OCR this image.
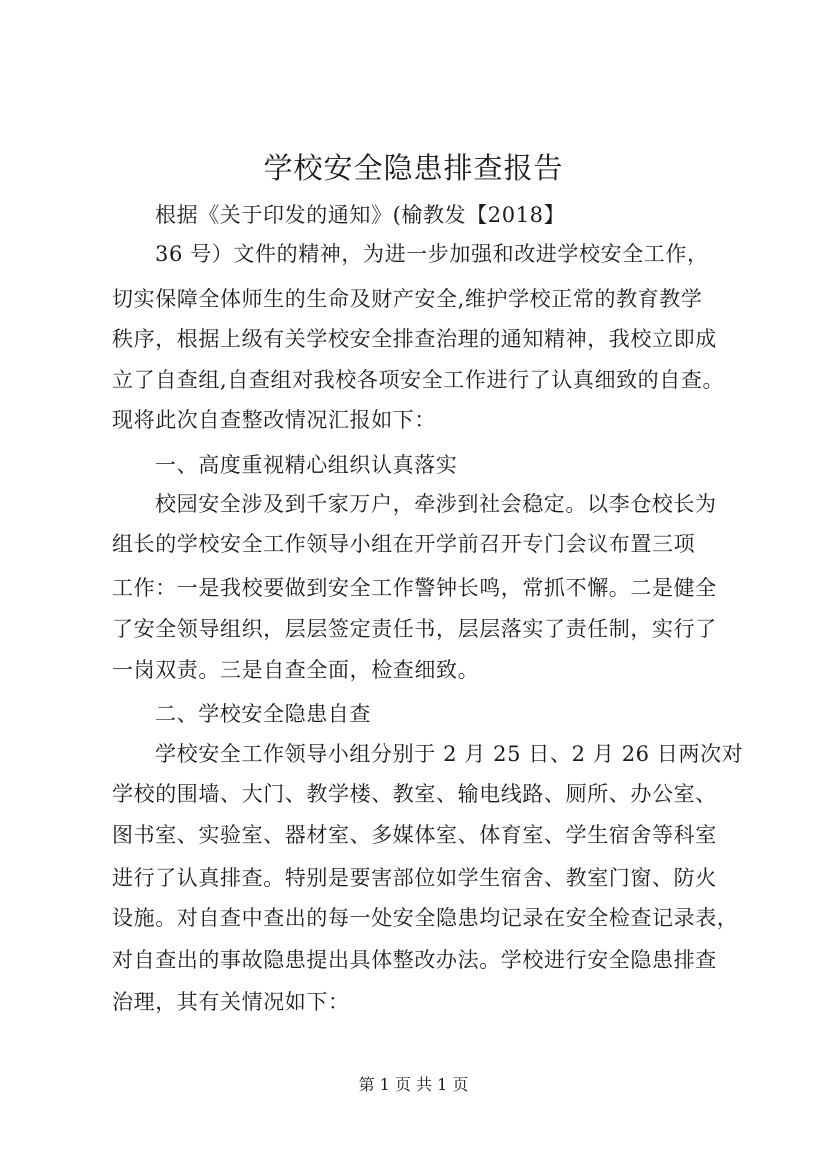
学校安全隐患排查报告
根据《关于印发的通知》(榆教发【2018】
36 号）文件的精神，为进一步加强和改进学校安全工作，
切实保障全体师生的生命及财产安全,维护学校正常的教育教学
秩序，根据上级有关学校安全排查治理的通知精神，我校立即成
立了自查组,自查组对我校各项安全工作进行了认真细致的自查。
现将此次自查整改情况汇报如下：
一、高度重视精心组织认真落实
校园安全涉及到千家万户，牵涉到社会稳定。以李仓校长为
组长的学校安全工作领导小组在开学前召开专门会议布置三项
工作：一是我校要做到安全工作警钟长鸣，常抓不懈。二是健全
了安全领导组织，层层签定责任书，层层落实了责任制，实行了
一岗双责。三是自查全面，检查细致。
二、学校安全隐患自查
学校安全工作领导小组分别于 2 月 25 日、2 月 26 日两次对
学校的围墙、大门、教学楼、教室、输电线路、厕所、办公室、
图书室、实验室、器材室、多媒体室、体育室、学生宿舍等科室
进行了认真排查。特别是要害部位如学生宿舍、教室门窗、防火
设施。对自查中查出的每一处安全隐患均记录在安全检查记录表，
对自查出的事故隐患提出具体整改办法。学校进行安全隐患排查
治理，其有关情况如下：
第 1 页 共 1 页
